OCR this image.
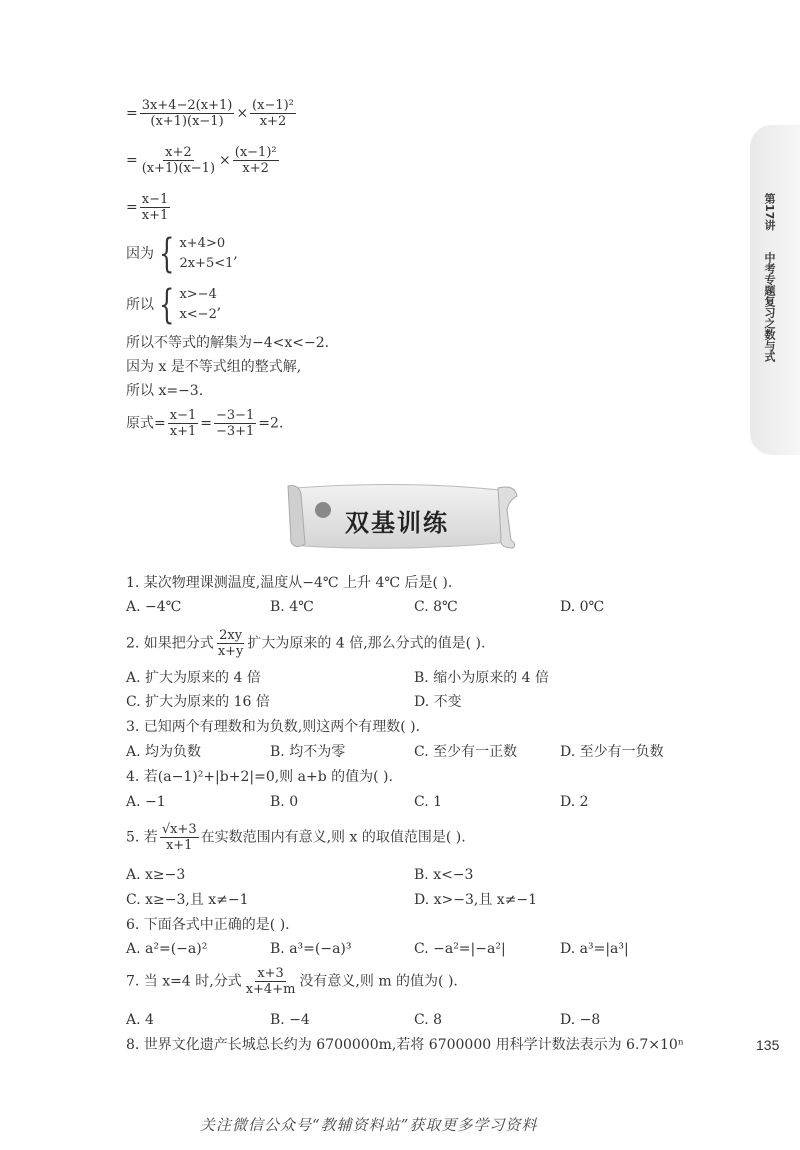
第17讲
中考专题复习之数与式
= $\frac{3x+4-2(x+1)}{(x+1)(x-1)} \times \frac{\text{(x−1)²}}{x+2}$
= $\frac{x+2}{(x+1)(x-1)} \times \frac{\text{(x−1)²}}{x+2}$
= $\frac{x-1}{x+1}$
因为 { x+4>0
2x+5<1
,
所以 { x>−4
x<−2
,
所以不等式的解集为−4<x<−2.
因为 x 是不等式组的整式解,
所以 x=−3.
原式= $\frac{x-1}{x+1} = \frac{-3-1}{-3+1} =2$.
双基训练
1. 某次物理课测温度,温度从−4℃ 上升 4℃ 后是( ).
A. −4℃	B. 4℃	C. 8℃	D. 0℃
2. 如果把分式 $\frac{2xy}{x+y}$ 扩大为原来的 4 倍,那么分式的值是( ).
A. 扩大为原来的 4 倍	B. 缩小为原来的 4 倍
C. 扩大为原来的 16 倍	D. 不变
3. 已知两个有理数和为负数,则这两个有理数( ).
A. 均为负数	B. 均不为零	C. 至少有一正数	D. 至少有一负数
4. 若(a−1)²+|b+2|=0,则 a+b 的值为( ).
A. −1	B. 0	C. 1	D. 2
5. 若 $\frac{√x+3}{x+1}$ 在实数范围内有意义,则 x 的取值范围是( ).
A. x≥−3	B. x<−3
C. x≥−3,且 x≠−1	D. x>−3,且 x≠−1
6. 下面各式中正确的是( ).
A. a²=(−a)²	B. a³=(−a)³	C. −a²=|−a²|	D. a³=|a³|
7. 当 x=4 时,分式 $\frac{x+3}{x+4+m}$ 没有意义,则 m 的值为( ).
A. 4	B. −4	C. 8	D. −8
8. 世界文化遗产长城总长约为 6700000m,若将 6700000 用科学计数法表示为 6.7×10ⁿ	135
关注微信公众号“教辅资料站”获取更多学习资料
